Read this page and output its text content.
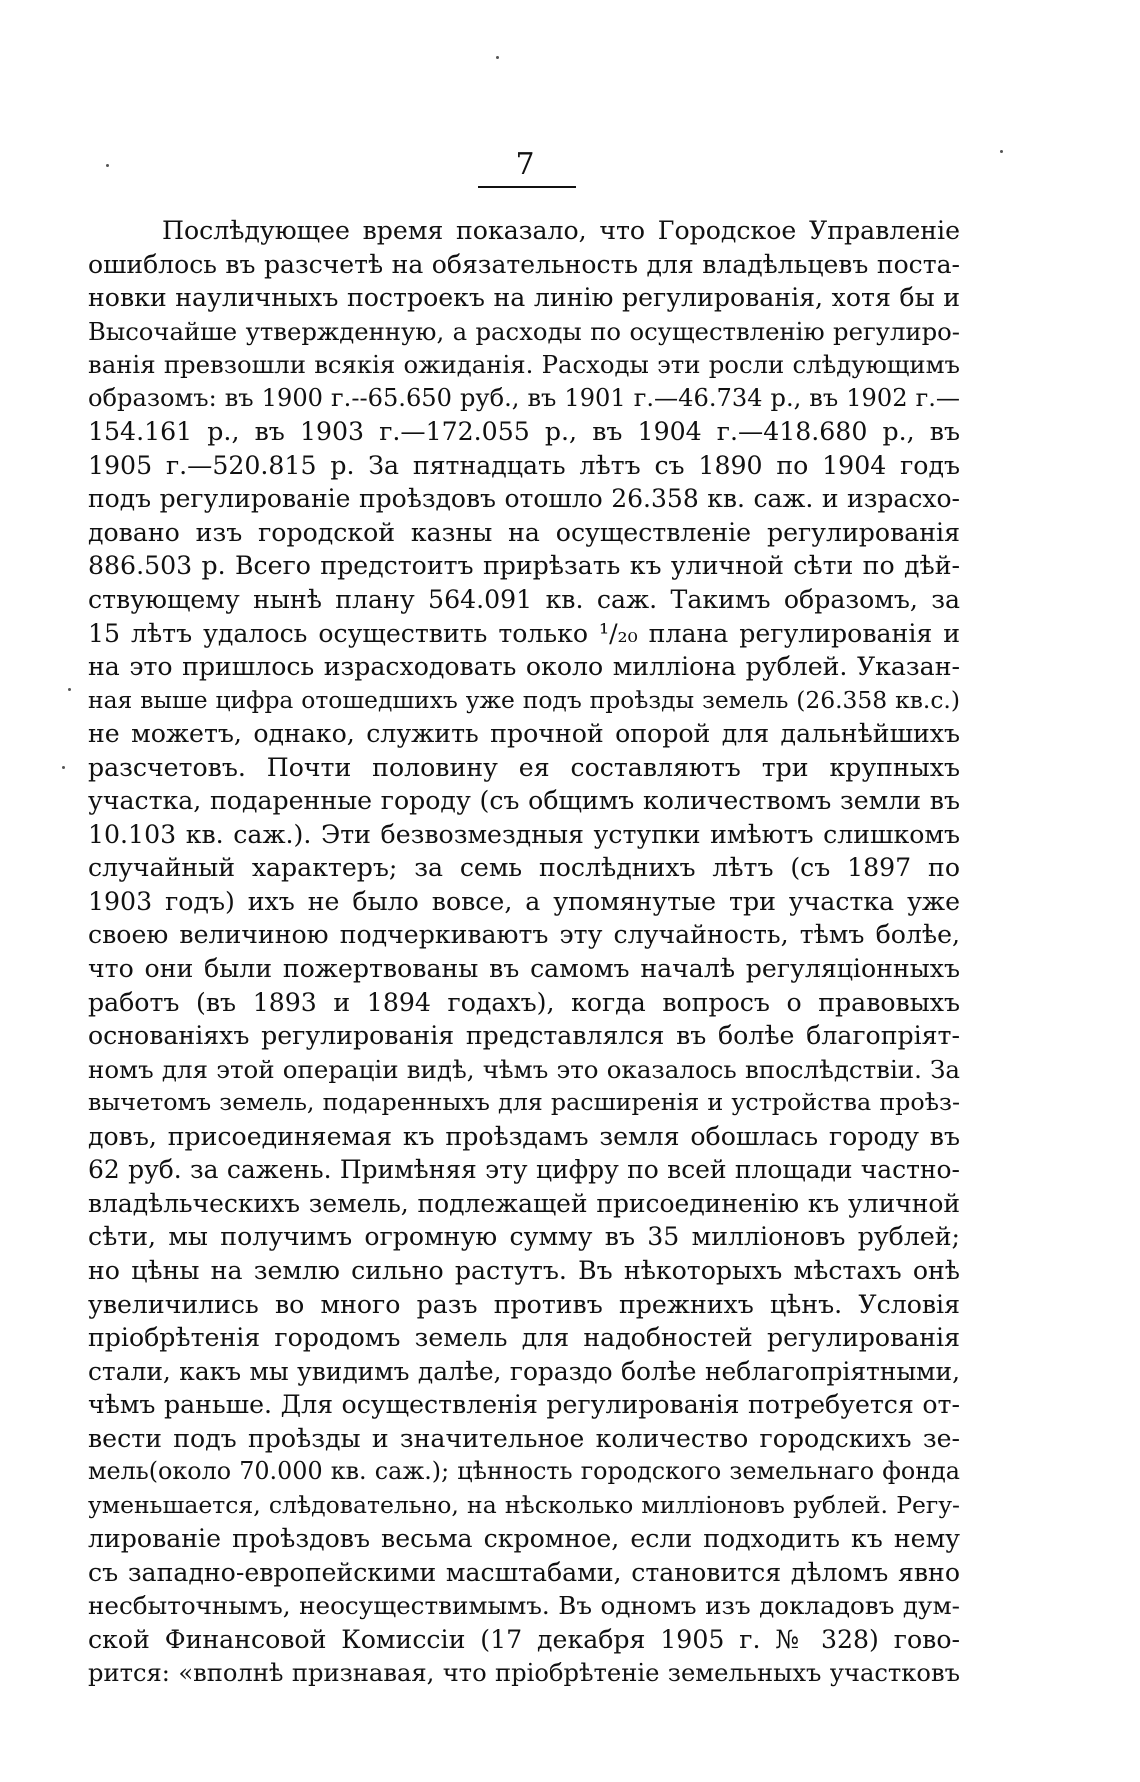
7
Послѣдующее время показало, что Городское Управленіе
ошиблось въ разсчетѣ на обязательность для владѣльцевъ поста-
новки науличныхъ построекъ на линію регулированія, хотя бы и
Высочайше утвержденную, а расходы по осуществленію регулиро-
ванія превзошли всякія ожиданія. Расходы эти росли слѣдующимъ
образомъ: въ 1900 г.--65.650 руб., въ 1901 г.—46.734 р., въ 1902 г.—
154.161 р., въ 1903 г.—172.055 р., въ 1904 г.—418.680 р., въ
1905 г.—520.815 р. За пятнадцать лѣтъ съ 1890 по 1904 годъ
подъ регулированіе проѣздовъ отошло 26.358 кв. саж. и израсхо-
довано изъ городской казны на осуществленіе регулированія
886.503 р. Всего предстоитъ прирѣзать къ уличной сѣти по дѣй-
ствующему нынѣ плану 564.091 кв. саж. Такимъ образомъ, за
15 лѣтъ удалось осуществить только ¹/₂₀ плана регулированія и
на это пришлось израсходовать около милліона рублей. Указан-
ная выше цифра отошедшихъ уже подъ проѣзды земель (26.358 кв.с.)
не можетъ, однако, служить прочной опорой для дальнѣйшихъ
разсчетовъ. Почти половину ея составляютъ три крупныхъ
участка, подаренные городу (съ общимъ количествомъ земли въ
10.103 кв. саж.). Эти безвозмездныя уступки имѣютъ слишкомъ
случайный характеръ; за семь послѣднихъ лѣтъ (съ 1897 по
1903 годъ) ихъ не было вовсе, а упомянутые три участка уже
своею величиною подчеркиваютъ эту случайность, тѣмъ болѣе,
что они были пожертвованы въ самомъ началѣ регуляціонныхъ
работъ (въ 1893 и 1894 годахъ), когда вопросъ о правовыхъ
основаніяхъ регулированія представлялся въ болѣе благопріят-
номъ для этой операціи видѣ, чѣмъ это оказалось впослѣдствіи. За
вычетомъ земель, подаренныхъ для расширенія и устройства проѣз-
довъ, присоединяемая къ проѣздамъ земля обошлась городу въ
62 руб. за сажень. Примѣняя эту цифру по всей площади частно-
владѣльческихъ земель, подлежащей присоединенію къ уличной
сѣти, мы получимъ огромную сумму въ 35 милліоновъ рублей;
но цѣны на землю сильно растутъ. Въ нѣкоторыхъ мѣстахъ онѣ
увеличились во много разъ противъ прежнихъ цѣнъ. Условія
пріобрѣтенія городомъ земель для надобностей регулированія
стали, какъ мы увидимъ далѣе, гораздо болѣе неблагопріятными,
чѣмъ раньше. Для осуществленія регулированія потребуется от-
вести подъ проѣзды и значительное количество городскихъ зе-
мель(около 70.000 кв. саж.); цѣнность городского земельнаго фонда
уменьшается, слѣдовательно, на нѣсколько милліоновъ рублей. Регу-
лированіе проѣздовъ весьма скромное, если подходить къ нему
съ западно-европейскими масштабами, становится дѣломъ явно
несбыточнымъ, неосуществимымъ. Въ одномъ изъ докладовъ дум-
ской Финансовой Комиссіи (17 декабря 1905 г. № 328) гово-
рится: «вполнѣ признавая, что пріобрѣтеніе земельныхъ участковъ
